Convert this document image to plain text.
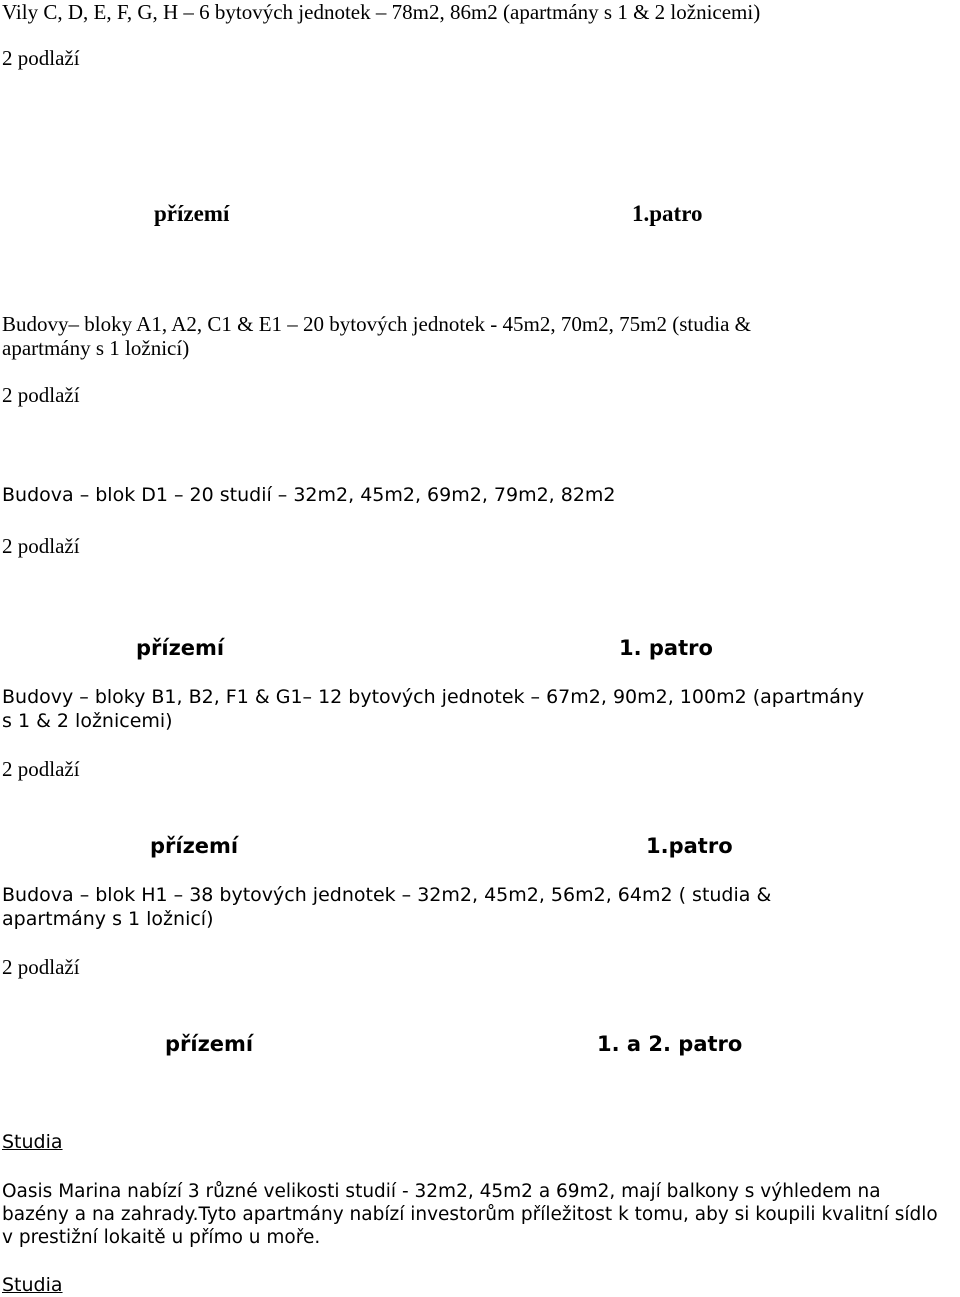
Vily C, D, E, F, G, H – 6 bytových jednotek – 78m2, 86m2 (apartmány s 1 & 2 ložnicemi)
2 podlaží
přízemí	1.patro
Budovy– bloky A1, A2, C1 & E1 – 20 bytových jednotek - 45m2, 70m2, 75m2 (studia &
apartmány s 1 ložnicí)
2 podlaží
Budova – blok D1 – 20 studií – 32m2, 45m2, 69m2, 79m2, 82m2
2 podlaží
přízemí	1. patro
Budovy – bloky B1, B2, F1 & G1– 12 bytových jednotek – 67m2, 90m2, 100m2 (apartmány
s 1 & 2 ložnicemi)
2 podlaží
přízemí	1.patro
Budova – blok H1 – 38 bytových jednotek – 32m2, 45m2, 56m2, 64m2 ( studia &
apartmány s 1 ložnicí)
2 podlaží
přízemí	1. a 2. patro
Studia
Oasis Marina nabízí 3 různé velikosti studií - 32m2, 45m2 a 69m2, mají balkony s výhledem na bazény a na zahrady.Tyto apartmány nabízí investorům příležitost k tomu, aby si koupili kvalitní sídlo v prestižní lokaitě u přímo u moře.
Studia
